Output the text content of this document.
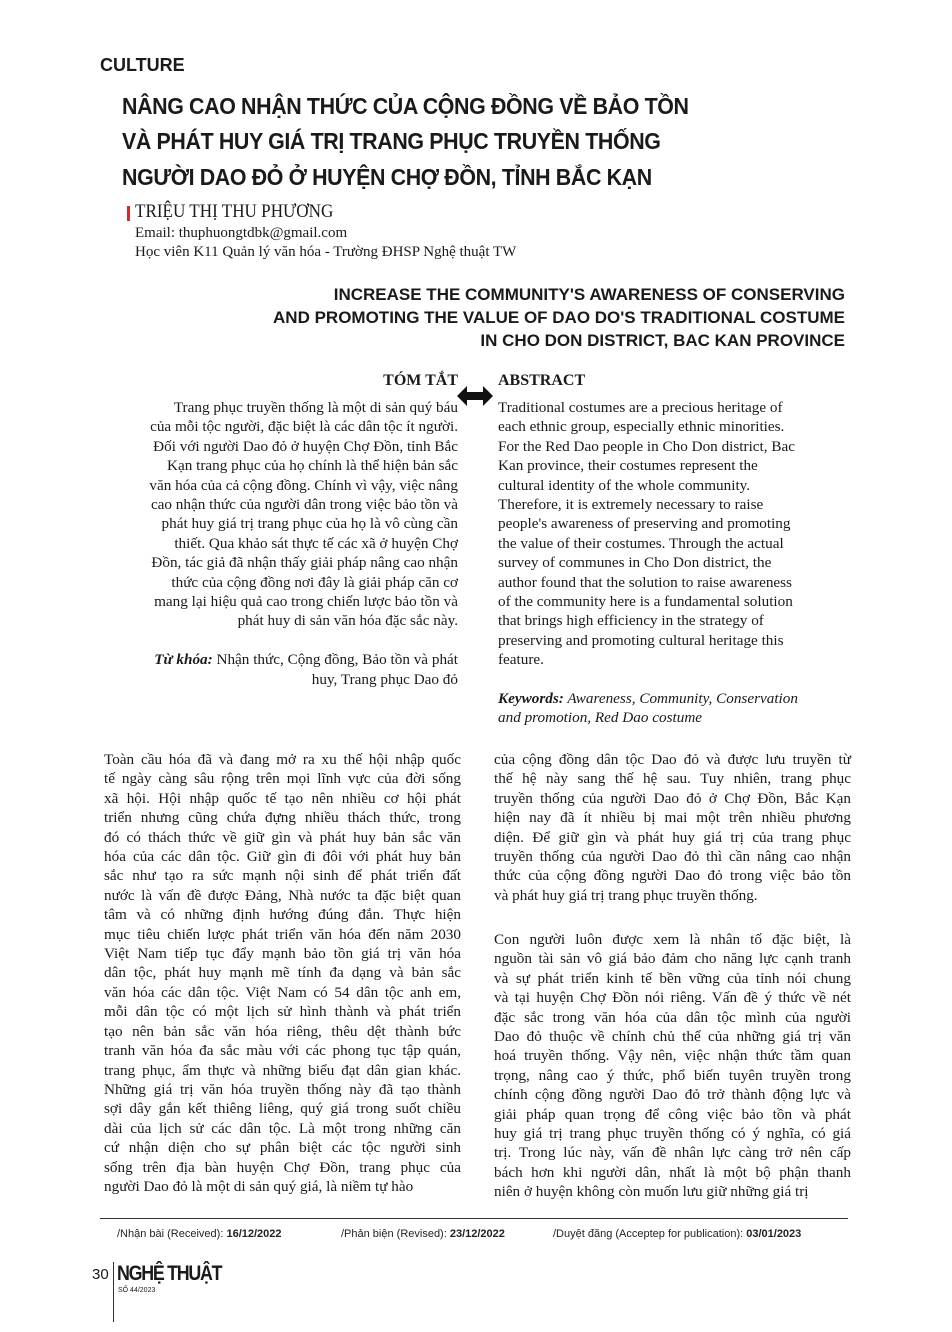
CULTURE
NÂNG CAO NHẬN THỨC CỦA CỘNG ĐỒNG VỀ BẢO TỒN
VÀ PHÁT HUY GIÁ TRỊ TRANG PHỤC TRUYỀN THỐNG
NGƯỜI DAO ĐỎ Ở HUYỆN CHỢ ĐỒN, TỈNH BẮC KẠN
TRIỆU THỊ THU PHƯƠNG
Email: thuphuongtdbk@gmail.com
Học viên K11 Quản lý văn hóa - Trường ĐHSP Nghệ thuật TW
INCREASE THE COMMUNITY'S AWARENESS OF CONSERVING
AND PROMOTING THE VALUE OF DAO DO'S TRADITIONAL COSTUME
IN CHO DON DISTRICT, BAC KAN PROVINCE
TÓM TẮT	ABSTRACT
Trang phục truyền thống là một di sản quý báu
của mỗi tộc người, đặc biệt là các dân tộc ít người.
Đối với người Dao đỏ ở huyện Chợ Đồn, tỉnh Bắc
Kạn trang phục của họ chính là thể hiện bản sắc
văn hóa của cả cộng đồng. Chính vì vậy, việc nâng
cao nhận thức của người dân trong việc bảo tồn và
phát huy giá trị trang phục của họ là vô cùng cần
thiết. Qua khảo sát thực tế các xã ở huyện Chợ
Đồn, tác giả đã nhận thấy giải pháp nâng cao nhận
thức của cộng đồng nơi đây là giải pháp căn cơ
mang lại hiệu quả cao trong chiến lược bảo tồn và
phát huy di sản văn hóa đặc sắc này.
Từ khóa: Nhận thức, Cộng đồng, Bảo tồn và phát
huy, Trang phục Dao đỏ
Traditional costumes are a precious heritage of
each ethnic group, especially ethnic minorities.
For the Red Dao people in Cho Don district, Bac
Kan province, their costumes represent the
cultural identity of the whole community.
Therefore, it is extremely necessary to raise
people's awareness of preserving and promoting
the value of their costumes. Through the actual
survey of communes in Cho Don district, the
author found that the solution to raise awareness
of the community here is a fundamental solution
that brings high efficiency in the strategy of
preserving and promoting cultural heritage this
feature.
Keywords: Awareness, Community, Conservation
and promotion, Red Dao costume
Toàn cầu hóa đã và đang mở ra xu thế hội nhập quốc
tế ngày càng sâu rộng trên mọi lĩnh vực của đời sống
xã hội. Hội nhập quốc tế tạo nên nhiều cơ hội phát
triển nhưng cũng chứa đựng nhiều thách thức, trong
đó có thách thức về giữ gìn và phát huy bản sắc văn
hóa của các dân tộc. Giữ gìn đi đôi với phát huy bản
sắc như tạo ra sức mạnh nội sinh để phát triển đất
nước là vấn đề được Đảng, Nhà nước ta đặc biệt quan
tâm và có những định hướng đúng đắn. Thực hiện
mục tiêu chiến lược phát triển văn hóa đến năm 2030
Việt Nam tiếp tục đẩy mạnh bảo tồn giá trị văn hóa
dân tộc, phát huy mạnh mẽ tính đa dạng và bản sắc
văn hóa các dân tộc. Việt Nam có 54 dân tộc anh em,
mỗi dân tộc có một lịch sử hình thành và phát triển
tạo nên bản sắc văn hóa riêng, thêu dệt thành bức
tranh văn hóa đa sắc màu với các phong tục tập quán,
trang phục, ẩm thực và những biểu đạt dân gian khác.
Những giá trị văn hóa truyền thống này đã tạo thành
sợi dây gắn kết thiêng liêng, quý giá trong suốt chiều
dài của lịch sử các dân tộc. Là một trong những căn
cứ nhận diện cho sự phân biệt các tộc người sinh
sống trên địa bàn huyện Chợ Đồn, trang phục của
người Dao đỏ là một di sản quý giá, là niềm tự hào
của cộng đồng dân tộc Dao đỏ và được lưu truyền từ
thế hệ này sang thế hệ sau. Tuy nhiên, trang phục
truyền thống của người Dao đỏ ở Chợ Đồn, Bắc Kạn
hiện nay đã ít nhiều bị mai một trên nhiều phương
diện. Để giữ gìn và phát huy giá trị của trang phục
truyền thống của người Dao đỏ thì cần nâng cao nhận
thức của cộng đồng người Dao đỏ trong việc bảo tồn
và phát huy giá trị trang phục truyền thống.
Con người luôn được xem là nhân tố đặc biệt, là
nguồn tài sản vô giá bảo đảm cho năng lực cạnh tranh
và sự phát triển kinh tế bền vững của tỉnh nói chung
và tại huyện Chợ Đồn nói riêng. Vấn đề ý thức về nét
đặc sắc trong văn hóa của dân tộc mình của người
Dao đỏ thuộc về chính chủ thể của những giá trị văn
hoá truyền thống. Vậy nên, việc nhận thức tầm quan
trọng, nâng cao ý thức, phổ biến tuyên truyền trong
chính cộng đồng người Dao đỏ trở thành động lực và
giải pháp quan trọng để công việc bảo tồn và phát
huy giá trị trang phục truyền thống có ý nghĩa, có giá
trị. Trong lúc này, vấn đề nhân lực càng trở nên cấp
bách hơn khi người dân, nhất là một bộ phận thanh
niên ở huyện không còn muốn lưu giữ những giá trị
/Nhận bài (Received): 16/12/2022	/Phản biện (Revised): 23/12/2022	/Duyệt đăng (Acceptep for publication): 03/01/2023
30 NGHỆ THUẬT
SỐ 44/2023
